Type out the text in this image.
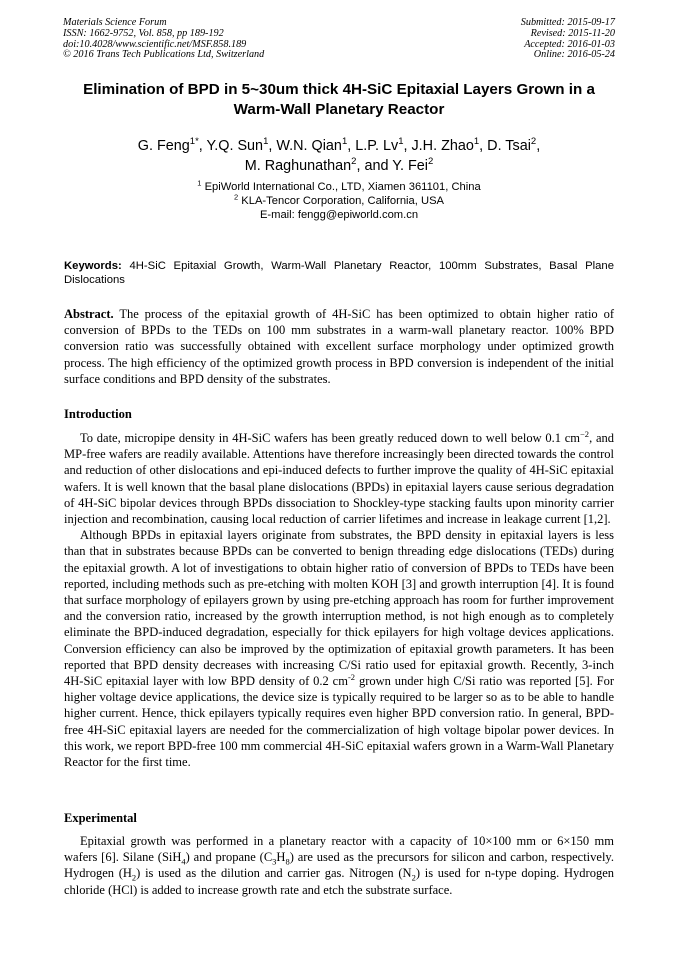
Materials Science Forum
ISSN: 1662-9752, Vol. 858, pp 189-192
doi:10.4028/www.scientific.net/MSF.858.189
© 2016 Trans Tech Publications Ltd, Switzerland
Submitted: 2015-09-17
Revised: 2015-11-20
Accepted: 2016-01-03
Online: 2016-05-24
Elimination of BPD in 5~30um thick 4H-SiC Epitaxial Layers Grown in a
Warm-Wall Planetary Reactor
G. Feng$^{1*}$, Y.Q. Sun$^1$, W.N. Qian$^1$, L.P. Lv$^1$, J.H. Zhao$^1$, D. Tsai$^2$,
M. Raghunathan$^2$, and Y. Fei$^2$
$^1$ EpiWorld International Co., LTD, Xiamen 361101, China
$^2$ KLA-Tencor Corporation, California, USA
E-mail: fengg@epiworld.com.cn
Keywords: 4H-SiC Epitaxial Growth, Warm-Wall Planetary Reactor, 100mm Substrates, Basal Plane Dislocations
Abstract. The process of the epitaxial growth of 4H-SiC has been optimized to obtain higher ratio of conversion of BPDs to the TEDs on 100 mm substrates in a warm-wall planetary reactor. 100% BPD conversion ratio was successfully obtained with excellent surface morphology under optimized growth process. The high efficiency of the optimized growth process in BPD conversion is independent of the initial surface conditions and BPD density of the substrates.
Introduction

To date, micropipe density in 4H-SiC wafers has been greatly reduced down to well below 0.1 $cm^{-2}$, and MP-free wafers are readily available. Attentions have therefore increasingly been directed towards the control and reduction of other dislocations and epi-induced defects to further improve the quality of 4H-SiC epitaxial wafers. It is well known that the basal plane dislocations (BPDs) in epitaxial layers cause serious degradation of 4H-SiC bipolar devices through BPDs dissociation to Shockley-type stacking faults upon minority carrier injection and recombination, causing local reduction of carrier lifetimes and increase in leakage current [1,2].

Although BPDs in epitaxial layers originate from substrates, the BPD density in epitaxial layers is less than that in substrates because BPDs can be converted to benign threading edge dislocations (TEDs) during the epitaxial growth. A lot of investigations to obtain higher ratio of conversion of BPDs to TEDs have been reported, including methods such as pre-etching with molten KOH [3] and growth interruption [4]. It is found that surface morphology of epilayers grown by using pre-etching approach has room for further improvement and the conversion ratio, increased by the growth interruption method, is not high enough as to completely eliminate the BPD-induced degradation, especially for thick epilayers for high voltage devices applications. Conversion efficiency can also be improved by the optimization of epitaxial growth parameters. It has been reported that BPD density decreases with increasing C/Si ratio used for epitaxial growth. Recently, 3-inch 4H-SiC epitaxial layer with low BPD density of 0.2 $cm^{-2}$ grown under high C/Si ratio was reported [5]. For higher voltage device applications, the device size is typically required to be larger so as to be able to handle higher current. Hence, thick epilayers typically requires even higher BPD conversion ratio. In general, BPD-free 4H-SiC epitaxial layers are needed for the commercialization of high voltage bipolar power devices. In this work, we report BPD-free 100 mm commercial 4H-SiC epitaxial wafers grown in a Warm-Wall Planetary Reactor for the first time.

Experimental

Epitaxial growth was performed in a planetary reactor with a capacity of 10×100 mm or 6×150 mm wafers [6]. Silane (SiH$_4$) and propane $(C_3H_8)$ are used as the precursors for silicon and carbon, respectively. Hydrogen $(H_2)$ is used as the dilution and carrier gas. Nitrogen $(N_2)$ is used for n-type doping. Hydrogen chloride (HCl) is added to increase growth rate and etch the substrate surface.
